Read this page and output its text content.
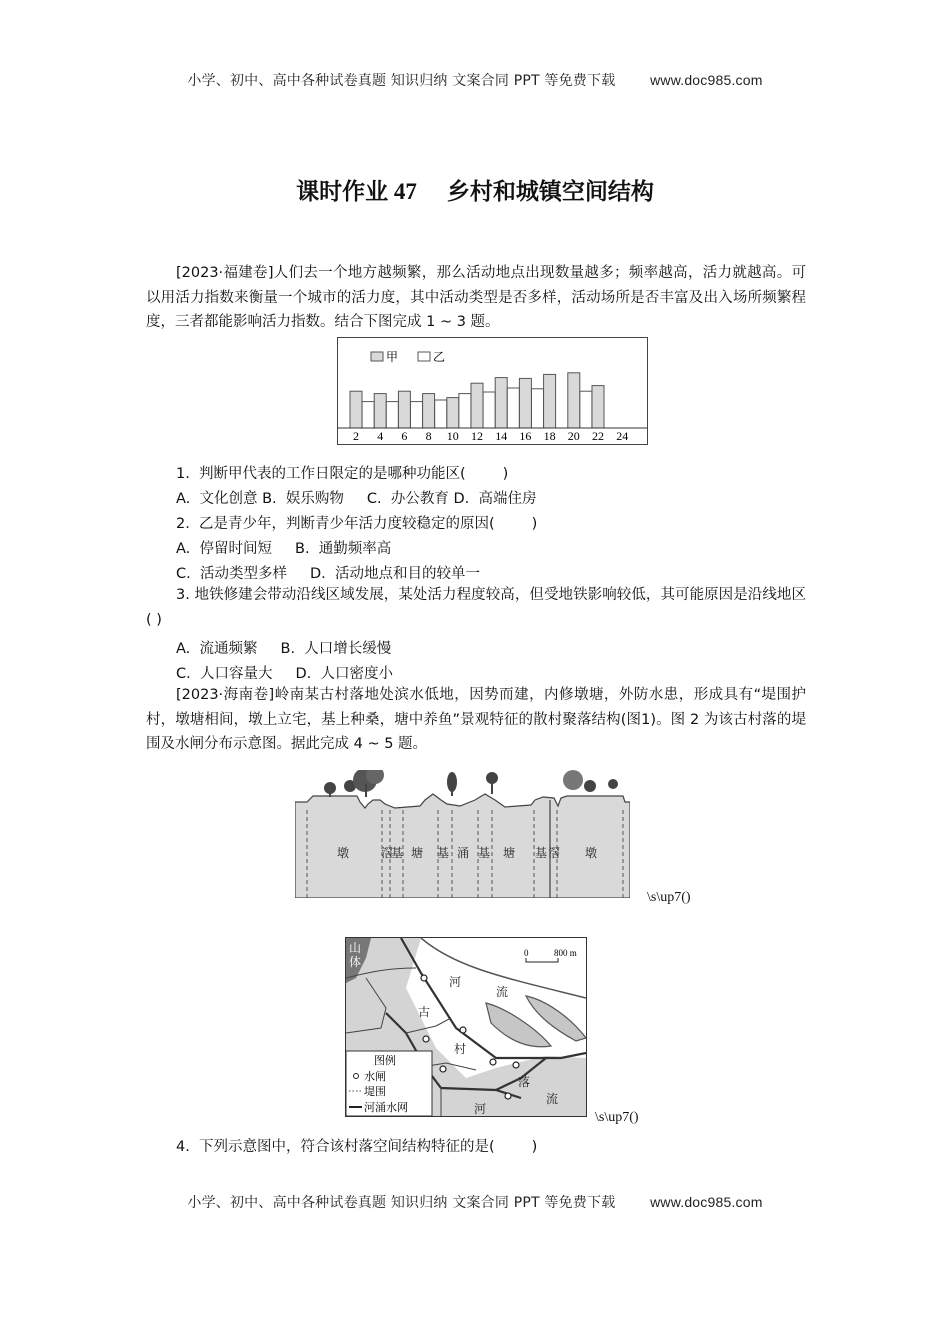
小学、初中、高中各种试卷真题 知识归纳 文案合同 PPT 等免费下载 www.doc985.com
课时作业 47 乡村和城镇空间结构
[2023·福建卷]人们去一个地方越频繁，那么活动地点出现数量越多；频率越高，活力就越高。可以用活力指数来衡量一个城市的活力度，其中活动类型是否多样，活动场所是否丰富及出入场所频繁程度，三者都能影响活力指数。结合下图完成 1 ~ 3 题。
甲	乙
2 4 6 8 10 12 14 16 18 20 22 24
1.  判断甲代表的工作日限定的是哪种功能区(        )
A.  文化创意 B.  娱乐购物     C.  办公教育 D.  高端住房
2.  乙是青少年，判断青少年活力度较稳定的原因(        )
A.  停留时间短     B.  通勤频率高
C.  活动类型多样     D.  活动地点和目的较单一
3. 地铁修建会带动沿线区域发展，某处活力程度较高，但受地铁影响较低，其可能原因是沿线地区( )
A.  流通频繁     B.  人口增长缓慢
C.  人口容量大     D.  人口密度小
[2023·海南卷]岭南某古村落地处滨水低地，因势而建，内修墩塘，外防水患，形成具有“堤围护村，墩塘相间，墩上立宅，基上种桑，塘中养鱼”景观特征的散村聚落结构(图1)。图 2 为该古村落的堤围及水闸分布示意图。据此完成 4 ~ 5 题。
墩	滘
基 塘 基 涌 基 塘 基 滘 墩
\s\up7()
山
体
0	800 m
河
流
古
村
落
河
流
图例
水闸
堤围
河涌水网
\s\up7()
4.  下列示意图中，符合该村落空间结构特征的是(        )
小学、初中、高中各种试卷真题 知识归纳 文案合同 PPT 等免费下载 www.doc985.com
